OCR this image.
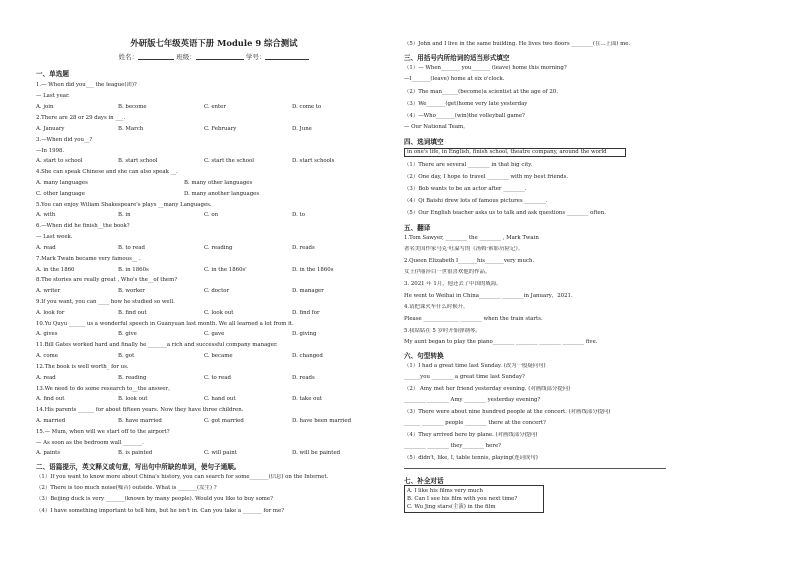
外研版七年级英语下册 Module 9 综合测试
姓名：	班级：	学号：
一、单选题
1.— When did you___ the league(团)?
— Last year.
A. join	B. become	C. enter	D. come to
2.There are 28 or 29 days in ___.
A. January	B. March	C. February	D. June
3.—When did you__?
—In 1998.
A. start to school	B. start school	C. start the school	D. start schools
4.She can speak Chinese and she can also speak __.
A. many languages	B. many other languages
C. other language	D. many another languages
5.You can enjoy Wiliam Shakespeare's plays __many Languages.
A. with	B. in	C. on	D. to
6.—When did he finish__the book?
— Last week.
A. read	B. to read	C. reading	D. reads
7.Mark Twain became very famous__ .
A. in the 1860	B. in 1860s	C. in the 1860s'	D. in the 1860s
8.The stories are really great , Who's the__of them?
A. writer	B. worker	C. doctor	D. manager
9.If you want, you can ____ how he studied so well.
A. look for	B. find out	C. look out	D. find for
10.Yu Quyu ______ us a wonderful speech in Guanyuan last month. We all learned a lot from it.
A. gives	B. give	C. gave	D. giving
11.Bill Gates worked hard and finally he _______a rich and successful company manager.
A. come	B. got	C. became	D. changed
12.The book is well worth_ for us.
A. read	B. reading	C. to read	D. reads
13.We need to do some research to__the answer。
A. find out	B. look out	C. hand out	D. take out
14.His parents ______ for about fifteen years. Now they have three children.
A. married	B. have married	C. got married	D. have been married
15.— Mum, when will we start off to the airport?
— As soon as the bedroom wall _______.
A. paints	B. is painted	C. will paint	D. will be painted
二、语篇提示，英文释义或句意，写出句中所缺的单词，使句子通顺。
（1）If you want to know more about China's history, you can search for some_______(信息) on the Internet.
（2）There is too much noise(噪音) outside. What is _______(发生) ?
（3）Beijing duck is very _______(known by many people). Would you like to buy some?
（4）I have something important to tell him, but he isn't in. Can you take a _______ for me?
（5）John and I live in the same building. He lives two floors ________(在...上面) me.
三、用括号内所给词的适当形式填空
（1）— When_______ you_______ (leave) home this morning?
—I_______(leave) home at six o'clock.
（2）The man______(become)a scientist at the age of 20.
（3）We_______(get)home very late yesterday
（4）—Who_______(win)the volleyball game?
— Our National Team。
四、选词填空
in one's life, in English, finish school, theatre company, around the world
（1）There are several ________ in that big city.
（2）One day, I hope to travel ________ with my best friends.
（3）Bob wants to be an actor after ________.
（4）Qi Baishi drew lots of famous pictures ________.
（5）Our English teacher asks us to talk and ask questions ________ often.
五、翻译
1.Tom Sawyer, ________ the ________ , Mark Twain
著名美国作家马克·吐温写的《汤姆·索耶历险记》。
2.Queen Elizabeth I_______his_______very much.
女王伊丽莎白一世很喜欢他的作品。
3. 2021 年 1月，他还去了中国的威海。
He went to Weihai in China________ ________in January，2021.
4.请把课火车什么时候开。
Please _____________ ________ when the train starts.
5.我姑姑在 5 岁时开始弹钢琴。
My aunt began to play the piano________ ________ ________ ________ five.
六、句型转换
（1）I had a great time last Sunday. (改为一般疑问句)
______you ________ a great time last Sunday?
（2） Amy met her friend yesterday evening. (对画线部分提问)
________ ________ Amy ________ yesterday evening?
（3）There were about nine hundred people at the concert. (对画线部分提问)
______ ________ people ________ there at the concert?
（4）They arrived here by plane. (对画线部分提问)
________ ________ they________ here?
（5）didn't, like, I, table tennis, playing(连词成句)
七、补全对话
A. I like his films very much
B. Can I see his film with you next time?
C. Wu Jing stars(主演) in the film
